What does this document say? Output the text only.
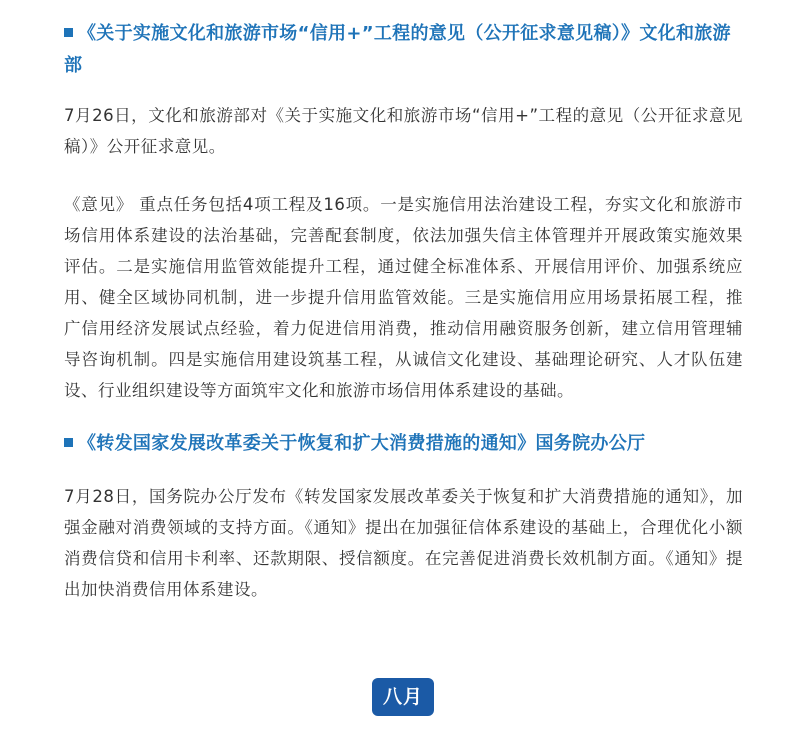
《关于实施文化和旅游市场“信用+”工程的意见（公开征求意见稿）》文化和旅游部

7月26日，文化和旅游部对《关于实施文化和旅游市场“信用+”工程的意见（公开征求意见稿）》公开征求意见。

《意见》 重点任务包括4项工程及16项。一是实施信用法治建设工程，夯实文化和旅游市场信用体系建设的法治基础，完善配套制度，依法加强失信主体管理并开展政策实施效果评估。二是实施信用监管效能提升工程，通过健全标准体系、开展信用评价、加强系统应用、健全区域协同机制，进一步提升信用监管效能。三是实施信用应用场景拓展工程，推广信用经济发展试点经验，着力促进信用消费，推动信用融资服务创新，建立信用管理辅导咨询机制。四是实施信用建设筑基工程，从诚信文化建设、基础理论研究、人才队伍建设、行业组织建设等方面筑牢文化和旅游市场信用体系建设的基础。

《转发国家发展改革委关于恢复和扩大消费措施的通知》国务院办公厅

7月28日，国务院办公厅发布《转发国家发展改革委关于恢复和扩大消费措施的通知》，加强金融对消费领域的支持方面。《通知》提出在加强征信体系建设的基础上，合理优化小额消费信贷和信用卡利率、还款期限、授信额度。在完善促进消费长效机制方面。《通知》提出加快消费信用体系建设。

八月
